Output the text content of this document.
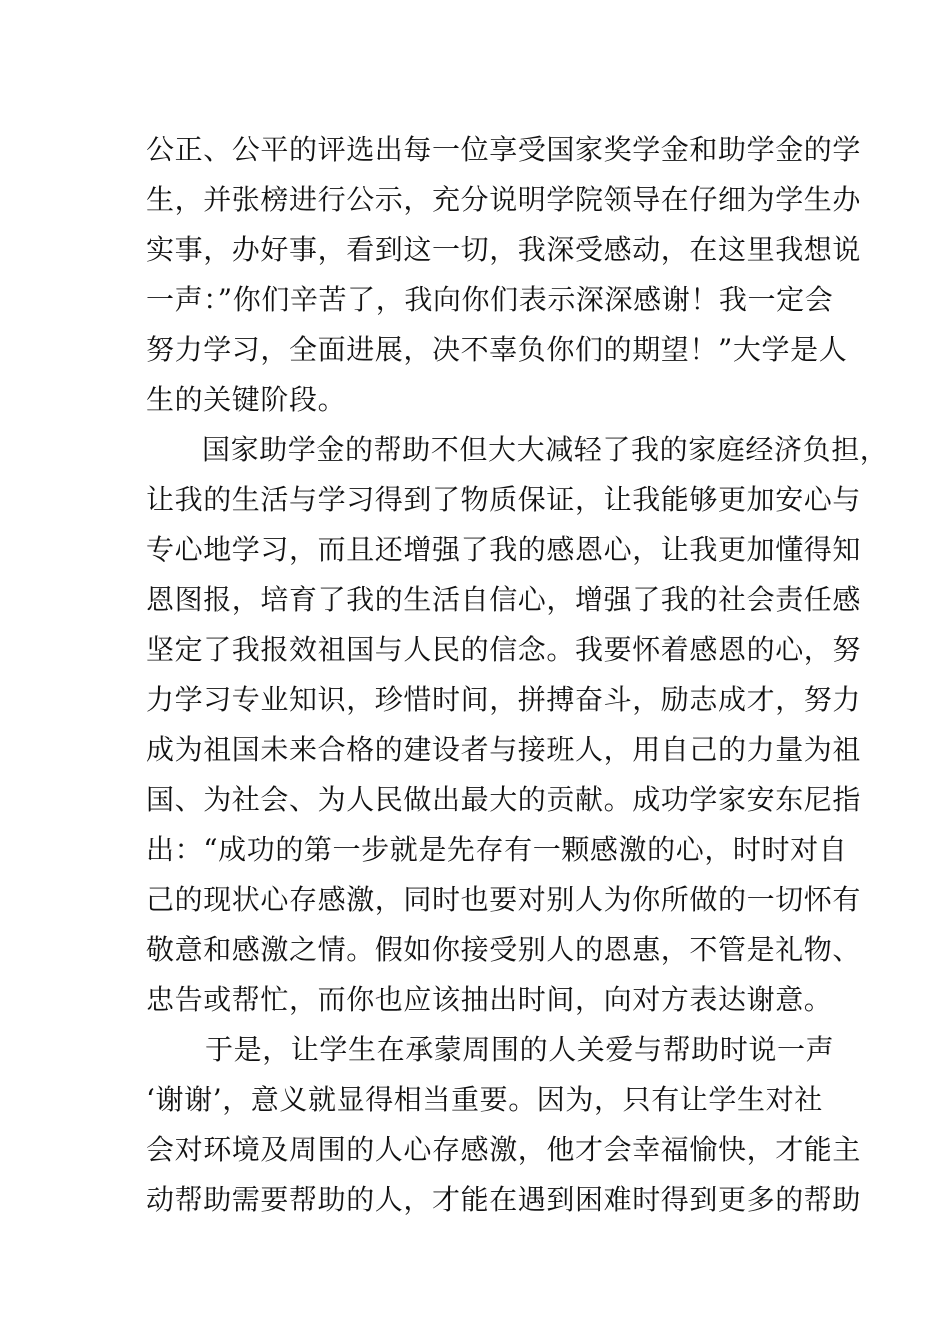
公正、公平的评选出每一位享受国家奖学金和助学金的学
生，并张榜进行公示，充分说明学院领导在仔细为学生办
实事，办好事，看到这一切，我深受感动，在这里我想说
一声：”你们辛苦了，我向你们表示深深感谢！我一定会
努力学习，全面进展，决不辜负你们的期望！”大学是人
生的关键阶段。
国家助学金的帮助不但大大减轻了我的家庭经济负担，
让我的生活与学习得到了物质保证，让我能够更加安心与
专心地学习，而且还增强了我的感恩心，让我更加懂得知
恩图报，培育了我的生活自信心，增强了我的社会责任感
坚定了我报效祖国与人民的信念。我要怀着感恩的心，努
力学习专业知识，珍惜时间，拼搏奋斗，励志成才，努力
成为祖国未来合格的建设者与接班人，用自己的力量为祖
国、为社会、为人民做出最大的贡献。成功学家安东尼指
出：“成功的第一步就是先存有一颗感激的心，时时对自
己的现状心存感激，同时也要对别人为你所做的一切怀有
敬意和感激之情。假如你接受别人的恩惠，不管是礼物、
忠告或帮忙，而你也应该抽出时间，向对方表达谢意。
于是，让学生在承蒙周围的人关爱与帮助时说一声
‘谢谢’，意义就显得相当重要。因为，只有让学生对社
会对环境及周围的人心存感激，他才会幸福愉快，才能主
动帮助需要帮助的人，才能在遇到困难时得到更多的帮助
